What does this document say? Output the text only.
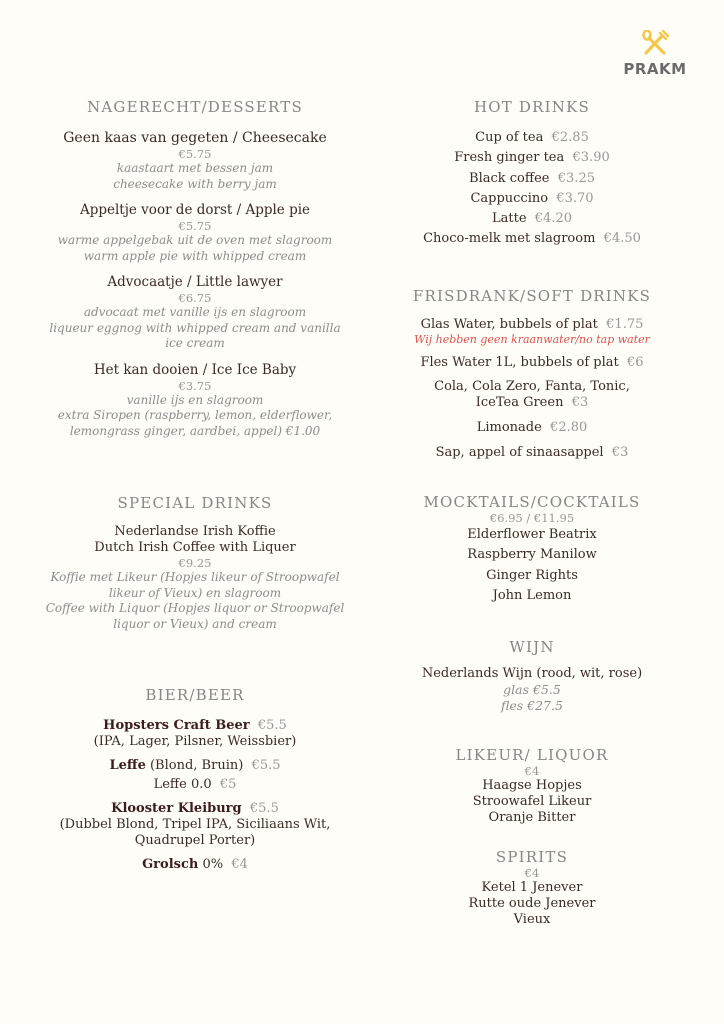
PRAKM
NAGERECHT/DESSERTS
Geen kaas van gegeten / Cheesecake
€5.75
kaastaart met bessen jam
cheesecake with berry jam
Appeltje voor de dorst / Apple pie
€5.75
warme appelgebak uit de oven met slagroom
warm apple pie with whipped cream
Advocaatje / Little lawyer
€6.75
advocaat met vanille ijs en slagroom
liqueur eggnog with whipped cream and vanilla ice cream
Het kan dooien / Ice Ice Baby
€3.75
vanille ijs en slagroom
extra Siropen (raspberry, lemon, elderflower, lemongrass ginger, aardbei, appel) €1.00
SPECIAL DRINKS
Nederlandse Irish Koffie
Dutch Irish Coffee with Liquer
€9.25
Koffie met Likeur (Hopjes likeur of Stroopwafel likeur of Vieux) en slagroom
Coffee with Liquor (Hopjes liquor or Stroopwafel liquor or Vieux) and cream
BIER/BEER
Hopsters Craft Beer €5.5
(IPA, Lager, Pilsner, Weissbier)
Leffe (Blond, Bruin) €5.5
Leffe 0.0 €5
Klooster Kleiburg €5.5
(Dubbel Blond, Tripel IPA, Siciliaans Wit, Quadrupel Porter)
Grolsch 0% €4
HOT DRINKS
Cup of tea €2.85
Fresh ginger tea €3.90
Black coffee €3.25
Cappuccino €3.70
Latte €4.20
Choco-melk met slagroom €4.50
FRISDRANK/SOFT DRINKS
Glas Water, bubbels of plat €1.75
Wij hebben geen kraanwater/no tap water
Fles Water 1L, bubbels of plat €6
Cola, Cola Zero, Fanta, Tonic,
IceTea Green €3
Limonade €2.80
Sap, appel of sinaasappel €3
MOCKTAILS/COCKTAILS
€6.95 / €11.95
Elderflower Beatrix
Raspberry Manilow
Ginger Rights
John Lemon
WIJN
Nederlands Wijn (rood, wit, rose)
glas €5.5
fles €27.5
LIKEUR/ LIQUOR
€4
Haagse Hopjes
Stroowafel Likeur
Oranje Bitter
SPIRITS
€4
Ketel 1 Jenever
Rutte oude Jenever
Vieux
